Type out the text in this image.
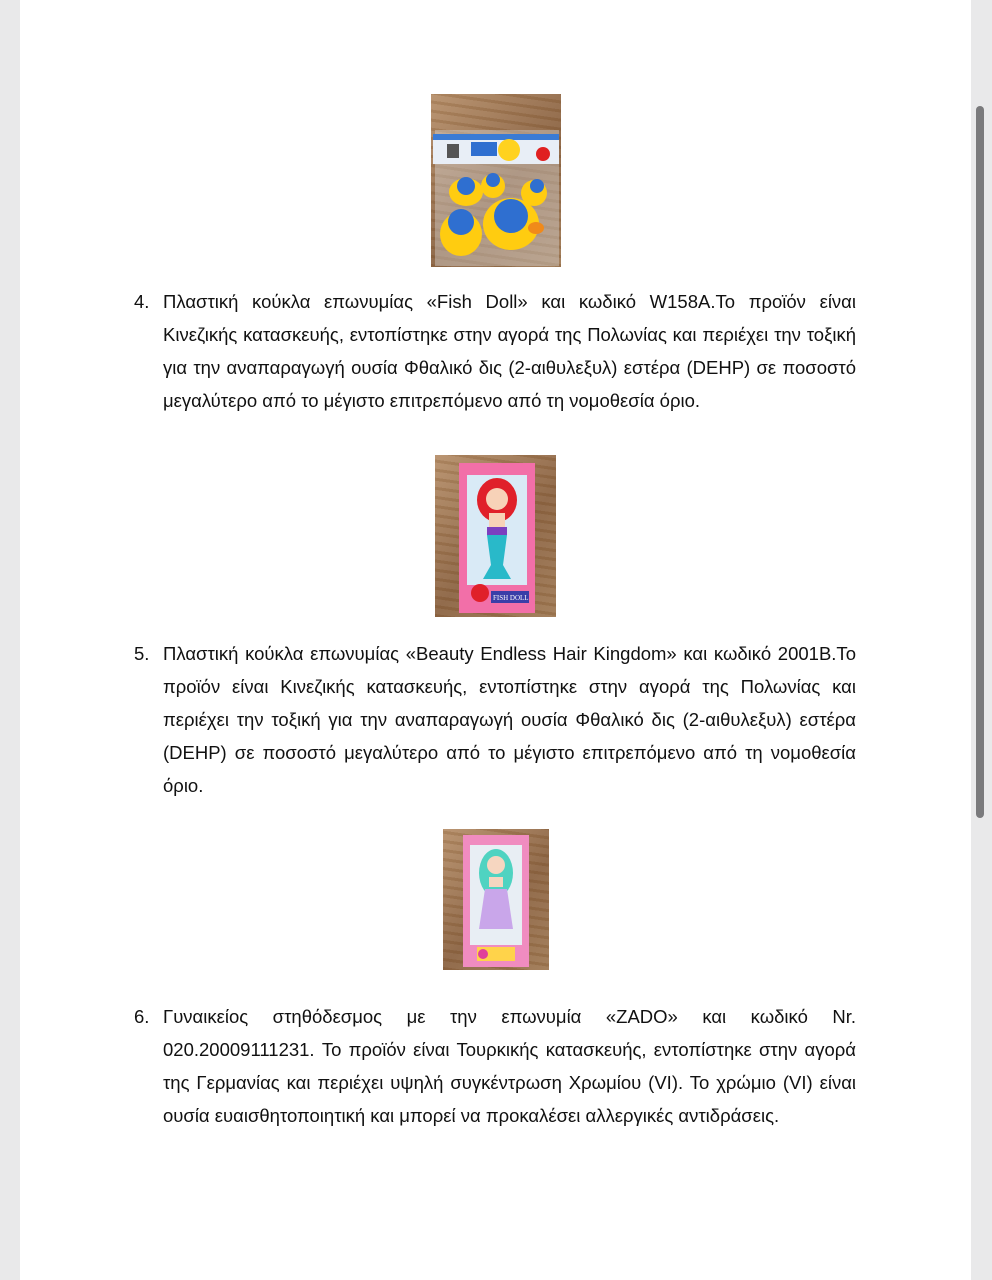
4. Πλαστική κούκλα επωνυμίας «Fish Doll» και κωδικό W158A.Το προϊόν είναι Κινεζικής κατασκευής, εντοπίστηκε στην αγορά της Πολωνίας και περιέχει την τοξική για την αναπαραγωγή ουσία Φθαλικό δις (2-αιθυλεξυλ) εστέρα (DEHP) σε ποσοστό μεγαλύτερο από το μέγιστο επιτρεπόμενο από τη νομοθεσία όριο.
FISH DOLL
5. Πλαστική κούκλα επωνυμίας «Beauty Endless Hair Kingdom» και κωδικό 2001B.Το προϊόν είναι Κινεζικής κατασκευής, εντοπίστηκε στην αγορά της Πολωνίας και περιέχει την τοξική για την αναπαραγωγή ουσία Φθαλικό δις (2-αιθυλεξυλ) εστέρα (DEHP) σε ποσοστό μεγαλύτερο από το μέγιστο επιτρεπόμενο από τη νομοθεσία όριο.
6. Γυναικείος στηθόδεσμος με την επωνυμία «ZADO» και κωδικό Nr. 020.20009111231. Το προϊόν είναι Τουρκικής κατασκευής, εντοπίστηκε στην αγορά της Γερμανίας και περιέχει υψηλή συγκέντρωση Χρωμίου (VI). Το χρώμιο (VI) είναι ουσία ευαισθητοποιητική και μπορεί να προκαλέσει αλλεργικές αντιδράσεις.
